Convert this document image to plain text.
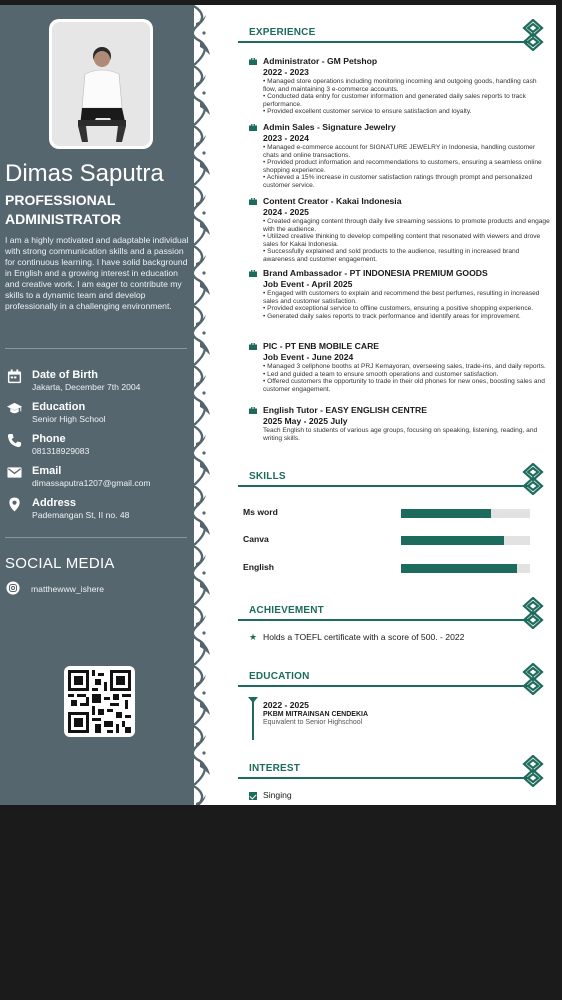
Dimas Saputra
PROFESSIONAL ADMINISTRATOR
I am a highly motivated and adaptable individual with strong communication skills and a passion for continuous learning. I have solid background in English and a growing interest in education and creative work. I am eager to contribute my skills to a dynamic team and develop professionally in a challenging environment.
Date of Birth
Jakarta, December 7th 2004
Education
Senior High School
Phone
081318929083
Email
dimassaputra1207@gmail.com
Address
Pademangan St, II no. 48
SOCIAL MEDIA
matthewww_ishere
EXPERIENCE
SKILLS
ACHIEVEMENT
EDUCATION
INTEREST
Administrator - GM Petshop
2022 - 2023
• Managed store operations including monitoring incoming and outgoing goods, handling cash flow, and maintaining 3 e-commerce accounts.
• Conducted data entry for customer information and generated daily sales reports to track performance.
• Provided excellent customer service to ensure satisfaction and loyalty.
Admin Sales - Signature Jewelry
2023 - 2024
• Managed e-commerce account for SIGNATURE JEWELRY in Indonesia, handling customer chats and online transactions.
• Provided product information and recommendations to customers, ensuring a seamless online shopping experience.
• Achieved a 15% increase in customer satisfaction ratings through prompt and personalized customer service.
Content Creator - Kakai Indonesia
2024 - 2025
• Created engaging content through daily live streaming sessions to promote products and engage with the audience.
• Utilized creative thinking to develop compelling content that resonated with viewers and drove sales for Kakai Indonesia.
• Successfully explained and sold products to the audience, resulting in increased brand awareness and customer engagement.
Brand Ambassador - PT INDONESIA PREMIUM GOODS
Job Event - April 2025
• Engaged with customers to explain and recommend the best perfumes, resulting in increased sales and customer satisfaction.
• Provided exceptional service to offline customers, ensuring a positive shopping experience.
• Generated daily sales reports to track performance and identify areas for improvement.
PIC - PT ENB MOBILE CARE
Job Event - June 2024
• Managed 3 cellphone booths at PRJ Kemayoran, overseeing sales, trade-ins, and daily reports.
• Led and guided a team to ensure smooth operations and customer satisfaction.
• Offered customers the opportunity to trade in their old phones for new ones, boosting sales and customer engagement.
English Tutor - EASY ENGLISH CENTRE
2025 May - 2025 July
Teach English to students of various age groups, focusing on speaking, listening, reading, and writing skills.
Ms word
Canva
English
★ Holds a TOEFL certificate with a score of 500. - 2022
2022 - 2025
PKBM MITRAINSAN CENDEKIA
Equivalent to Senior Highschool
Singing
